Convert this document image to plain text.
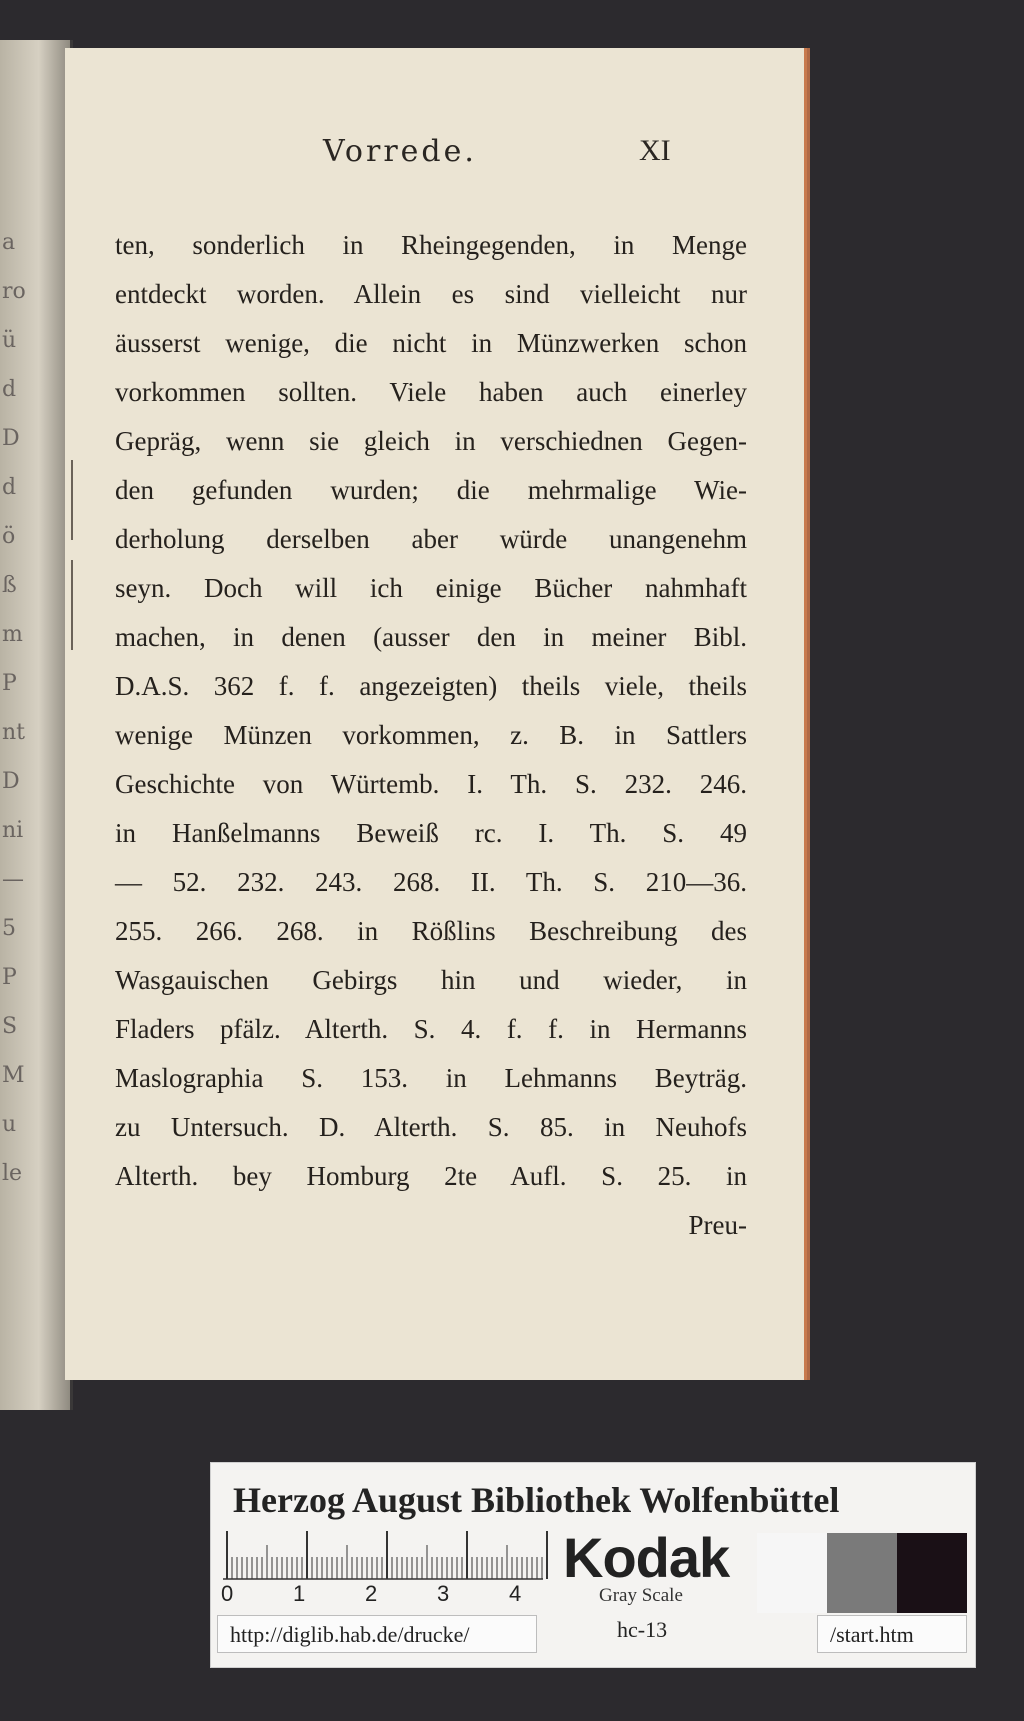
a
ro
ü
d
D
d
ö
ß
m
P
nt
D
ni
—
5
P
S
M
u
le
Vorrede.	XI
ten, sonderlich in Rheingegenden, in Menge
entdeckt worden. Allein es sind vielleicht nur
äusserst wenige, die nicht in Münzwerken schon
vorkommen sollten. Viele haben auch einerley
Gepräg, wenn sie gleich in verschiednen Gegen-
den gefunden wurden; die mehrmalige Wie-
derholung derselben aber würde unangenehm
seyn. Doch will ich einige Bücher nahmhaft
machen, in denen (ausser den in meiner Bibl.
D.A.S. 362 f. f. angezeigten) theils viele, theils
wenige Münzen vorkommen, z. B. in Sattlers
Geschichte von Würtemb. I. Th. S. 232. 246.
in Hanßelmanns Beweiß rc. I. Th. S. 49
— 52. 232. 243. 268. II. Th. S. 210—36.
255. 266. 268. in Rößlins Beschreibung des
Wasgauischen Gebirgs hin und wieder, in
Fladers pfälz. Alterth. S. 4. f. f. in Hermanns
Maslographia S. 153. in Lehmanns Beyträg.
zu Untersuch. D. Alterth. S. 85. in Neuhofs
Alterth. bey Homburg 2te Aufl. S. 25. in
Preu-
Herzog August Bibliothek Wolfenbüttel
0	1	2	3	4
Kodak
Gray Scale
http://diglib.hab.de/drucke/	hc-13	/start.htm
